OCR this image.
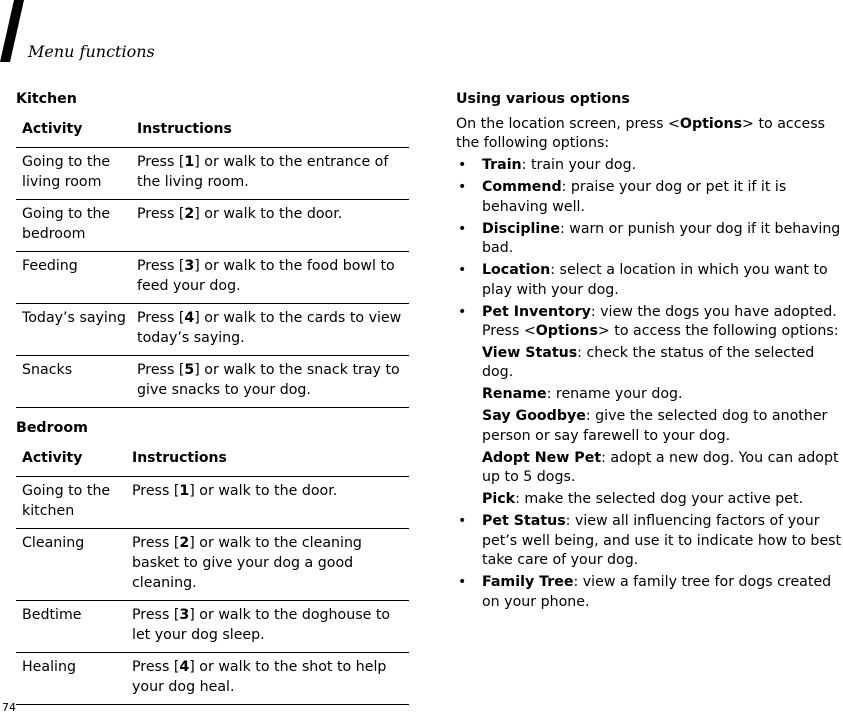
Menu functions
Kitchen
Activity	Instructions
Going to the living room	Press [1] or walk to the entrance of the living room.
Going to the bedroom	Press [2] or walk to the door.
Feeding	Press [3] or walk to the food bowl to feed your dog.
Today’s saying	Press [4] or walk to the cards to view today’s saying.
Snacks	Press [5] or walk to the snack tray to give snacks to your dog.
Bedroom
Activity	Instructions
Going to the kitchen	Press [1] or walk to the door.
Cleaning	Press [2] or walk to the cleaning basket to give your dog a good cleaning.
Bedtime	Press [3] or walk to the doghouse to let your dog sleep.
Healing	Press [4] or walk to the shot to help your dog heal.
Using various options

On the location screen, press <Options> to access the following options:

• Train: train your dog.
• Commend: praise your dog or pet it if it is behaving well.
• Discipline: warn or punish your dog if it behaving bad.
• Location: select a location in which you want to play with your dog.
• Pet Inventory: view the dogs you have adopted. Press <Options> to access the following options:
View Status: check the status of the selected dog.
Rename: rename your dog.
Say Goodbye: give the selected dog to another person or say farewell to your dog.
Adopt New Pet: adopt a new dog. You can adopt up to 5 dogs.
Pick: make the selected dog your active pet.
• Pet Status: view all influencing factors of your pet’s well being, and use it to indicate how to best take care of your dog.
• Family Tree: view a family tree for dogs created on your phone.
74
